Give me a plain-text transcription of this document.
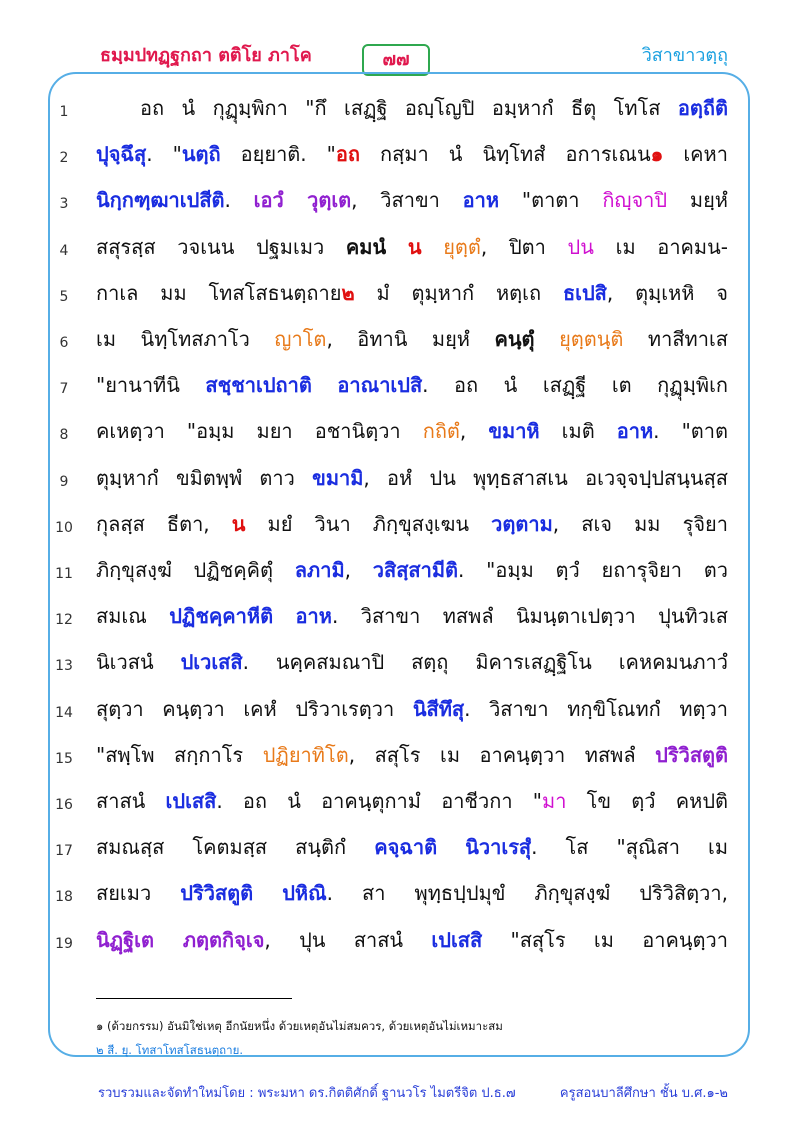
ธมฺมปทฏฺฐกถา ตติโย ภาโค	๗๗	วิสาขาวตฺถุ
1	อถ นํ กุฏุมฺพิกา "กึ เสฏฺฐิ อญฺโญปิ อมฺหากํ ธีตุ โทโส อตฺถีติ
2	ปุจฺฉึสุ. "นตฺถิ อยฺยาติ. "อถ กสฺมา นํ นิทฺโทสํ อการเณน๑ เคหา
3	นิกฺกฑฺฒาเปสีติ. เอวํ วุตฺเต, วิสาขา อาห "ตาตา กิญฺจาปิ มยฺหํ
4	สสุรสฺส วจเนน ปฐมเมว คมนํ น ยุตฺตํ, ปิตา ปน เม อาคมน-
5	กาเล มม โทสโสธนตฺถาย๒ มํ ตุมฺหากํ หตฺเถ ธเปสิ, ตุมฺเหหิ จ
6	เม นิทฺโทสภาโว ญาโต, อิทานิ มยฺหํ คนฺตุํ ยุตฺตนฺติ ทาสีทาเส
7	"ยานาทีนิ สชฺชาเปถาติ อาณาเปสิ. อถ นํ เสฏฺฐี เต กุฏุมฺพิเก
8	คเหตฺวา "อมฺม มยา อชานิตฺวา กถิตํ, ขมาหิ เมติ อาห. "ตาต
9	ตุมฺหากํ ขมิตพฺพํ ตาว ขมามิ, อหํ ปน พุทฺธสาสเน อเวจฺจปฺปสนฺนสฺส
10 กุลสฺส ธีตา, น มยํ วินา ภิกฺขุสงฺเฆน วตฺตาม, สเจ มม รุจิยา
11 ภิกฺขุสงฺฆํ ปฏิชคฺคิตุํ ลภามิ, วสิสฺสามีติ. "อมฺม ตฺวํ ยถารุจิยา ตว
12 สมเณ ปฏิชคฺคาหีติ อาห. วิสาขา ทสพลํ นิมนฺตาเปตฺวา ปุนทิวเส
13 นิเวสนํ ปเวเสสิ. นคฺคสมณาปิ สตฺถุ มิคารเสฏฺฐิโน เคหคมนภาวํ
14 สุตฺวา คนฺตฺวา เคหํ ปริวาเรตฺวา นิสีทึสุ. วิสาขา ทกฺขิโณทกํ ทตฺวา
15 "สพฺโพ สกฺกาโร ปฏิยาทิโต, สสุโร เม อาคนฺตฺวา ทสพลํ ปริวิสตูติ
16 สาสนํ เปเสสิ. อถ นํ อาคนฺตุกามํ อาชีวกา "มา โข ตฺวํ คหปติ
17 สมณสฺส โคตมสฺส สนฺติกํ คจฺฉาติ นิวาเรสุํ. โส "สุณิสา เม
18 สยเมว ปริวิสตูติ ปหิณิ. สา พุทฺธปฺปมุขํ ภิกฺขุสงฺฆํ ปริวิสิตฺวา,
19 นิฏฺฐิเต ภตฺตกิจฺเจ, ปุน สาสนํ เปเสสิ "สสุโร เม อาคนฺตฺวา
๑ (ด้วยกรรม) อันมิใช่เหตุ อีกนัยหนึ่ง ด้วยเหตุอันไม่สมควร, ด้วยเหตุอันไม่เหมาะสม
๒ สี. ยุ. โทสาโทสโสธนตฺถาย.
รวบรวมและจัดทำใหม่โดย : พระมหา ดร.กิตติศักดิ์ ฐานวโร ไมตรีจิต ป.ธ.๗	ครูสอนบาลีศึกษา ชั้น บ.ศ.๑-๒
